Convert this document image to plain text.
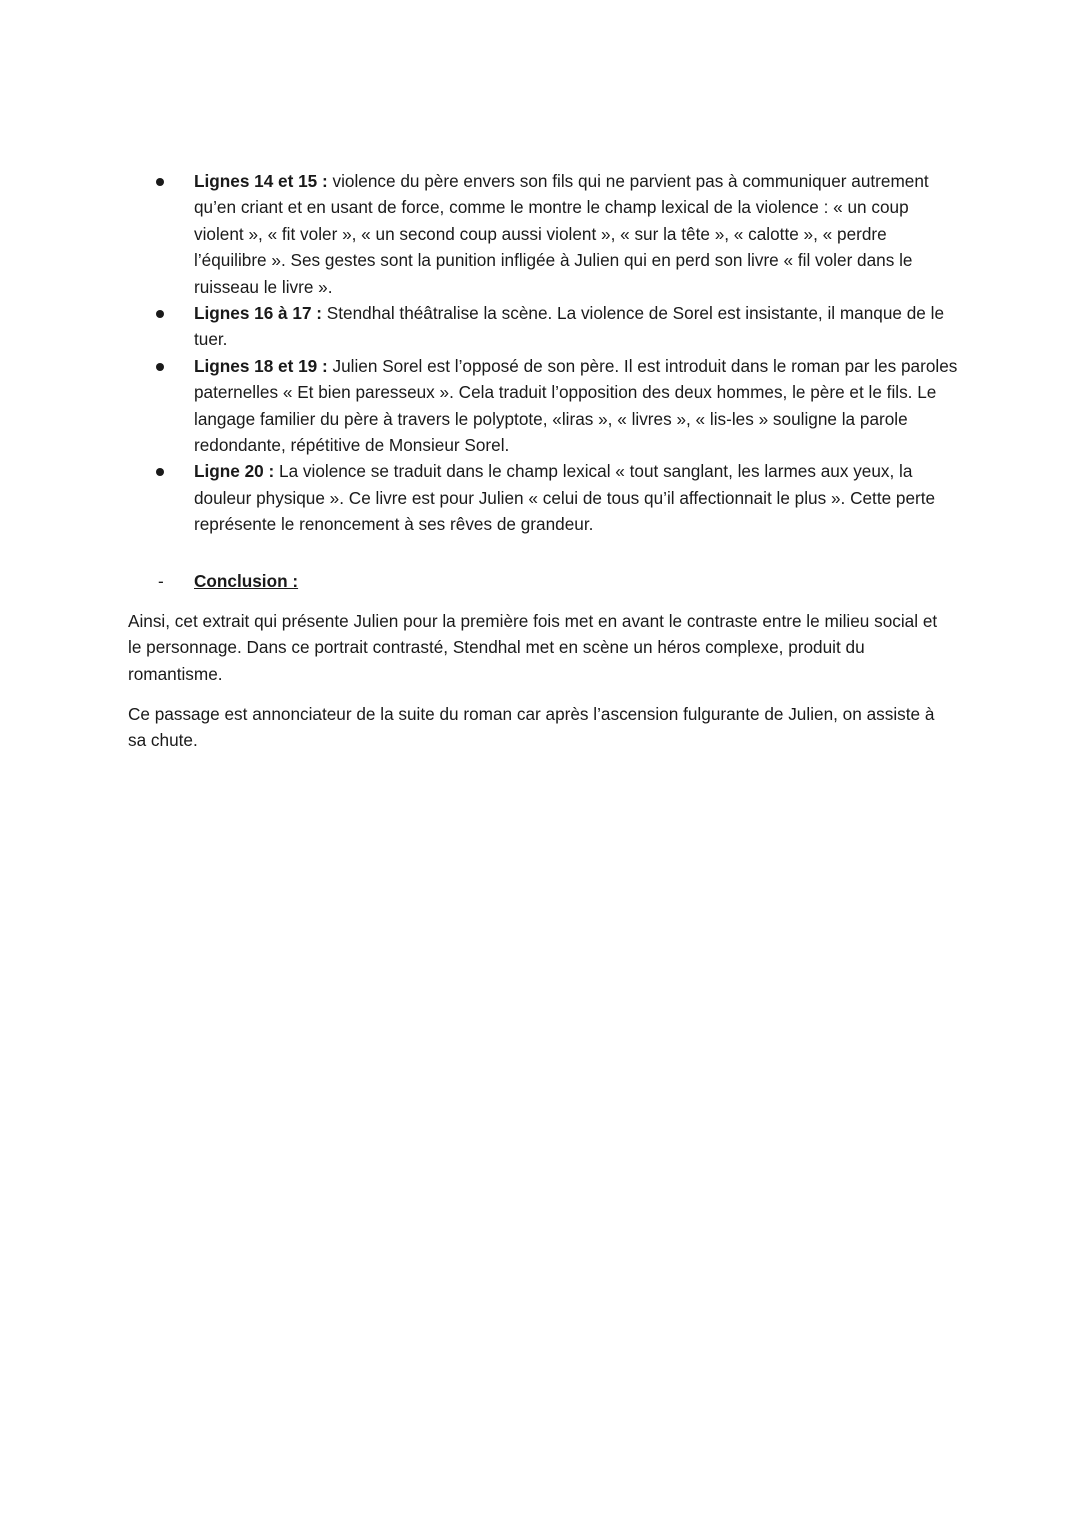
Lignes 14 et 15 : violence du père envers son fils qui ne parvient pas à communiquer autrement qu’en criant et en usant de force, comme le montre le champ lexical de la violence : « un coup violent », « fit voler », « un second coup aussi violent », « sur la tête », « calotte », « perdre l’équilibre ». Ses gestes sont la punition infligée à Julien qui en perd son livre « fil voler dans le ruisseau le livre ».
Lignes 16 à 17 : Stendhal théâtralise la scène. La violence de Sorel est insistante, il manque de le tuer.
Lignes 18 et 19 : Julien Sorel est l’opposé de son père. Il est introduit dans le roman par les paroles paternelles « Et bien paresseux ». Cela traduit l’opposition des deux hommes, le père et le fils. Le langage familier du père à travers le polyptote, «liras », « livres », « lis-les » souligne la parole redondante, répétitive de Monsieur Sorel.
Ligne 20 : La violence se traduit dans le champ lexical « tout sanglant, les larmes aux yeux, la douleur physique ». Ce livre est pour Julien « celui de tous qu’il affectionnait le plus ». Cette perte représente le renoncement à ses rêves de grandeur.
- Conclusion :

Ainsi, cet extrait qui présente Julien pour la première fois met en avant le contraste entre le milieu social et le personnage. Dans ce portrait contrasté, Stendhal met en scène un héros complexe, produit du romantisme.

Ce passage est annonciateur de la suite du roman car après l’ascension fulgurante de Julien, on assiste à sa chute.
